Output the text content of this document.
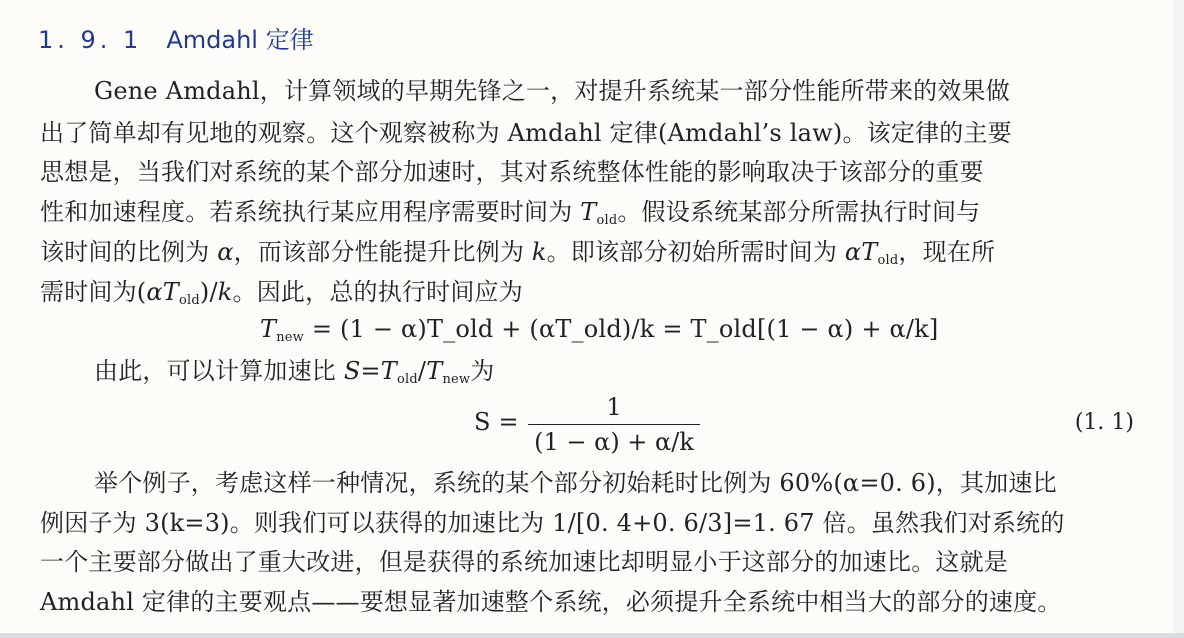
1. 9. 1 Amdahl 定律
Gene Amdahl，计算领域的早期先锋之一，对提升系统某一部分性能所带来的效果做
出了简单却有见地的观察。这个观察被称为 Amdahl 定律(Amdahl’s law)。该定律的主要
思想是，当我们对系统的某个部分加速时，其对系统整体性能的影响取决于该部分的重要
性和加速程度。若系统执行某应用程序需要时间为 $T_{old}$。假设系统某部分所需执行时间与
该时间的比例为 α，而该部分性能提升比例为 k。即该部分初始所需时间为 $\alpha T_{old}$，现在所
需时间为$(\alpha T_{old})/k$。因此，总的执行时间应为
$T_{new} = (1$ − α)T_old + (αT_old)/k = T_old[(1 − α) + α/k]
由此，可以计算加速比 $S=T_{old}/T_{new}$为
S =
1
(1 − α) + α/k
(1. 1)
举个例子，考虑这样一种情况，系统的某个部分初始耗时比例为 60%(α=0. 6)，其加速比
例因子为 3(k=3)。则我们可以获得的加速比为 1/[0. 4+0. 6/3]=1. 67 倍。虽然我们对系统的
一个主要部分做出了重大改进，但是获得的系统加速比却明显小于这部分的加速比。这就是
Amdahl 定律的主要观点——要想显著加速整个系统，必须提升全系统中相当大的部分的速度。
